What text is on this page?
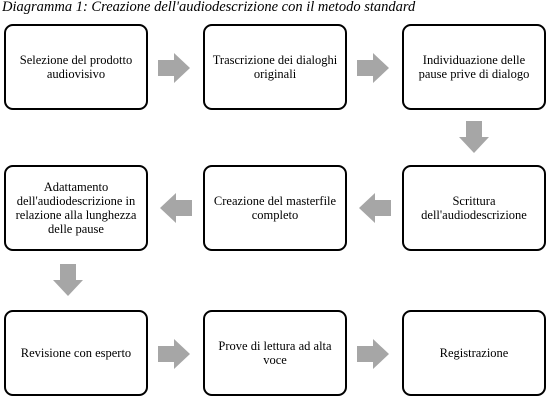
Diagramma 1: Creazione dell'audiodescrizione con il metodo standard
Selezione del prodotto audiovisivo
Trascrizione dei dialoghi originali
Individuazione delle pause prive di dialogo
Adattamento dell'audiodescrizione in relazione alla lunghezza delle pause
Creazione del masterfile completo
Scrittura dell'audiodescrizione
Revisione con esperto	Prove di lettura ad alta voce	Registrazione
